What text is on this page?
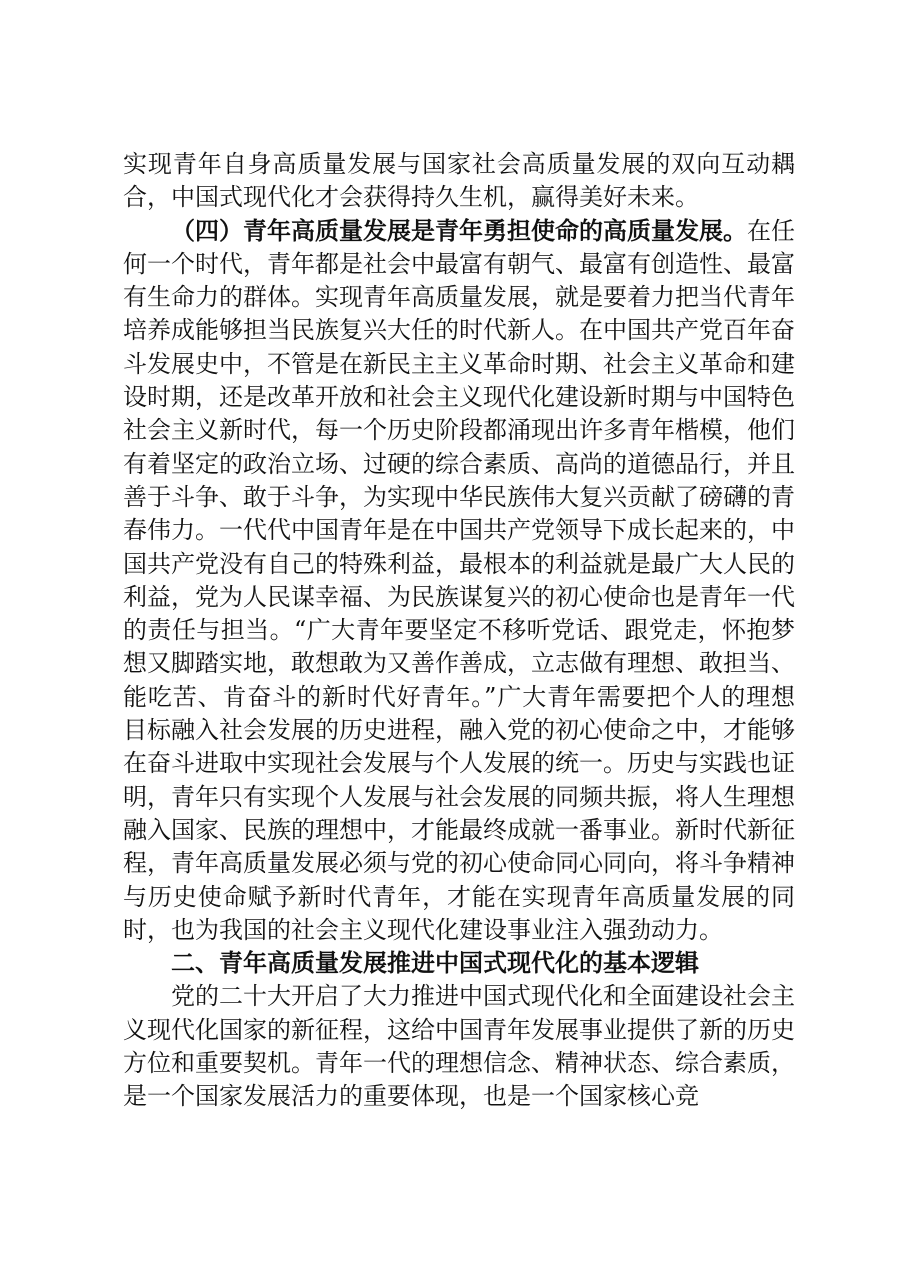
实现青年自身高质量发展与国家社会高质量发展的双向互动耦合，中国式现代化才会获得持久生机，赢得美好未来。

（四）青年高质量发展是青年勇担使命的高质量发展。在任何一个时代，青年都是社会中最富有朝气、最富有创造性、最富有生命力的群体。实现青年高质量发展，就是要着力把当代青年培养成能够担当民族复兴大任的时代新人。在中国共产党百年奋斗发展史中，不管是在新民主主义革命时期、社会主义革命和建设时期，还是改革开放和社会主义现代化建设新时期与中国特色社会主义新时代，每一个历史阶段都涌现出许多青年楷模，他们有着坚定的政治立场、过硬的综合素质、高尚的道德品行，并且善于斗争、敢于斗争，为实现中华民族伟大复兴贡献了磅礴的青春伟力。一代代中国青年是在中国共产党领导下成长起来的，中国共产党没有自己的特殊利益，最根本的利益就是最广大人民的利益，党为人民谋幸福、为民族谋复兴的初心使命也是青年一代的责任与担当。“广大青年要坚定不移听党话、跟党走，怀抱梦想又脚踏实地，敢想敢为又善作善成，立志做有理想、敢担当、能吃苦、肯奋斗的新时代好青年。”广大青年需要把个人的理想目标融入社会发展的历史进程，融入党的初心使命之中，才能够在奋斗进取中实现社会发展与个人发展的统一。历史与实践也证明，青年只有实现个人发展与社会发展的同频共振，将人生理想融入国家、民族的理想中，才能最终成就一番事业。新时代新征程，青年高质量发展必须与党的初心使命同心同向，将斗争精神与历史使命赋予新时代青年，才能在实现青年高质量发展的同时，也为我国的社会主义现代化建设事业注入强劲动力。

二、青年高质量发展推进中国式现代化的基本逻辑

党的二十大开启了大力推进中国式现代化和全面建设社会主义现代化国家的新征程，这给中国青年发展事业提供了新的历史方位和重要契机。青年一代的理想信念、精神状态、综合素质，是一个国家发展活力的重要体现，也是一个国家核心竞
